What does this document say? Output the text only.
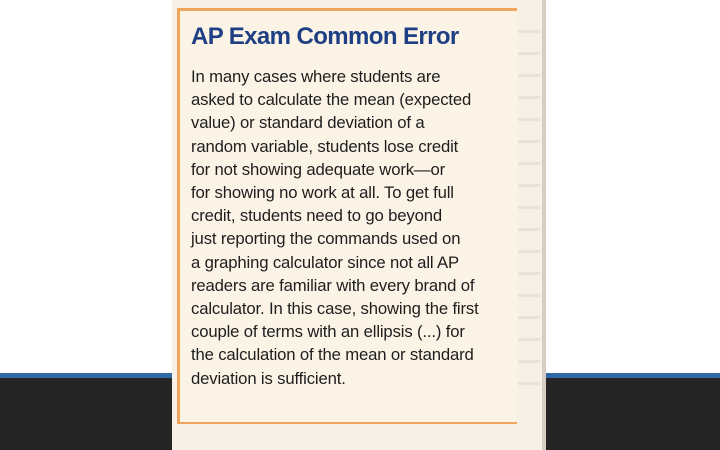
AP Exam Common Error

In many cases where students are
asked to calculate the mean (expected
value) or standard deviation of a
random variable, students lose credit
for not showing adequate work—or
for showing no work at all. To get full
credit, students need to go beyond
just reporting the commands used on
a graphing calculator since not all AP
readers are familiar with every brand of
calculator. In this case, showing the first
couple of terms with an ellipsis (...) for
the calculation of the mean or standard
deviation is sufficient.
